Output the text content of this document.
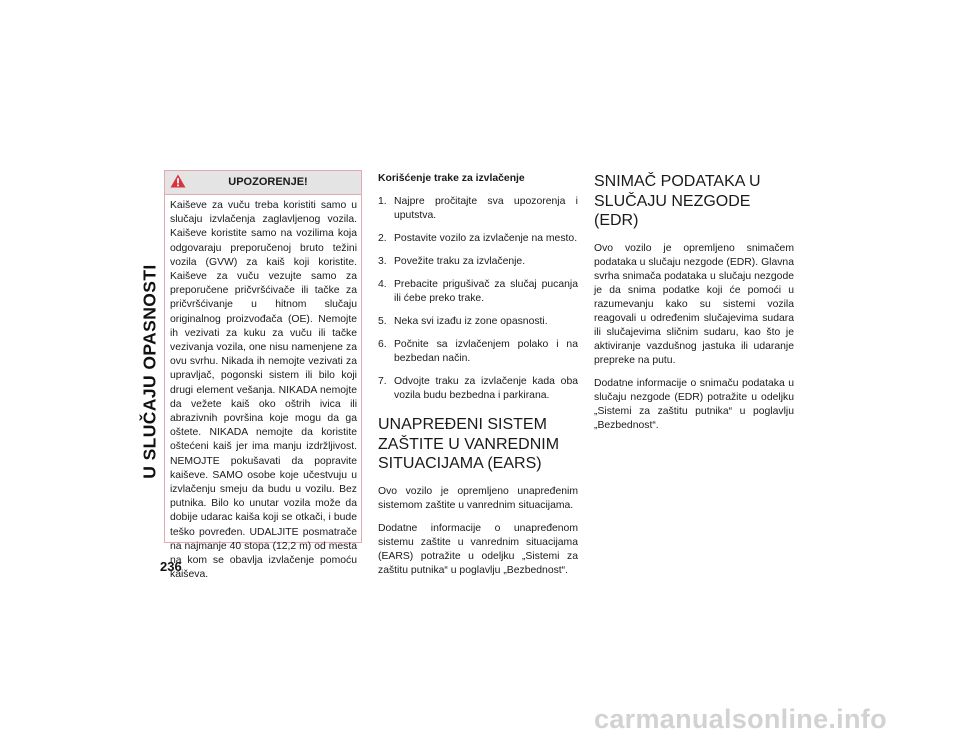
U SLUČAJU OPASNOSTI
236
UPOZORENJE!

Kaiševe za vuču treba koristiti samo u slučaju izvlačenja zaglavljenog vozila. Kaiševe koristite samo na vozilima koja odgovaraju preporučenoj bruto težini vozila (GVW) za kaiš koji koristite. Kaiševe za vuču vezujte samo za preporučene pričvršćivače ili tačke za pričvršćivanje u hitnom slučaju originalnog proizvođača (OE). Nemojte ih vezivati za kuku za vuču ili tačke vezivanja vozila, one nisu namenjene za ovu svrhu. Nikada ih nemojte vezivati za upravljač, pogonski sistem ili bilo koji drugi element vešanja. NIKADA nemojte da vežete kaiš oko oštrih ivica ili abrazivnih površina koje mogu da ga oštete. NIKADA nemojte da koristite oštećeni kaiš jer ima manju izdržljivost. NEMOJTE pokušavati da popravite kaiševe. SAMO osobe koje učestvuju u izvlačenju smeju da budu u vozilu. Bez putnika. Bilo ko unutar vozila može da dobije udarac kaiša koji se otkači, i bude teško povređen. UDALJITE posmatrače na najmanje 40 stopa (12,2 m) od mesta na kom se obavlja izvlačenje pomoću kaiševa.

Korišćenje trake za izvlačenje
1. Najpre pročitajte sva upozorenja i uputstva.
2. Postavite vozilo za izvlačenje na mesto.
3. Povežite traku za izvlačenje.
4. Prebacite prigušivač za slučaj pucanja ili ćebe preko trake.
5. Neka svi izađu iz zone opasnosti.
6. Počnite sa izvlačenjem polako i na bezbedan način.
7. Odvojte traku za izvlačenje kada oba vozila budu bezbedna i parkirana.
UNAPREĐENI SISTEM ZAŠTITE U VANREDNIM SITUACIJAMA (EARS)

Ovo vozilo je opremljeno unapređenim sistemom zaštite u vanrednim situacijama.

Dodatne informacije o unapređenom sistemu zaštite u vanrednim situacijama (EARS) potražite u odeljku „Sistemi za zaštitu putnika“ u poglavlju „Bezbednost“.

SNIMAČ PODATAKA U SLUČAJU NEZGODE (EDR)

Ovo vozilo je opremljeno snimačem podataka u slučaju nezgode (EDR). Glavna svrha snimača podataka u slučaju nezgode je da snima podatke koji će pomoći u razumevanju kako su sistemi vozila reagovali u određenim slučajevima sudara ili slučajevima sličnim sudaru, kao što je aktiviranje vazdušnog jastuka ili udaranje prepreke na putu.

Dodatne informacije o snimaču podataka u slučaju nezgode (EDR) potražite u odeljku „Sistemi za zaštitu putnika“ u poglavlju „Bezbednost“.

carmanualsonline.info
